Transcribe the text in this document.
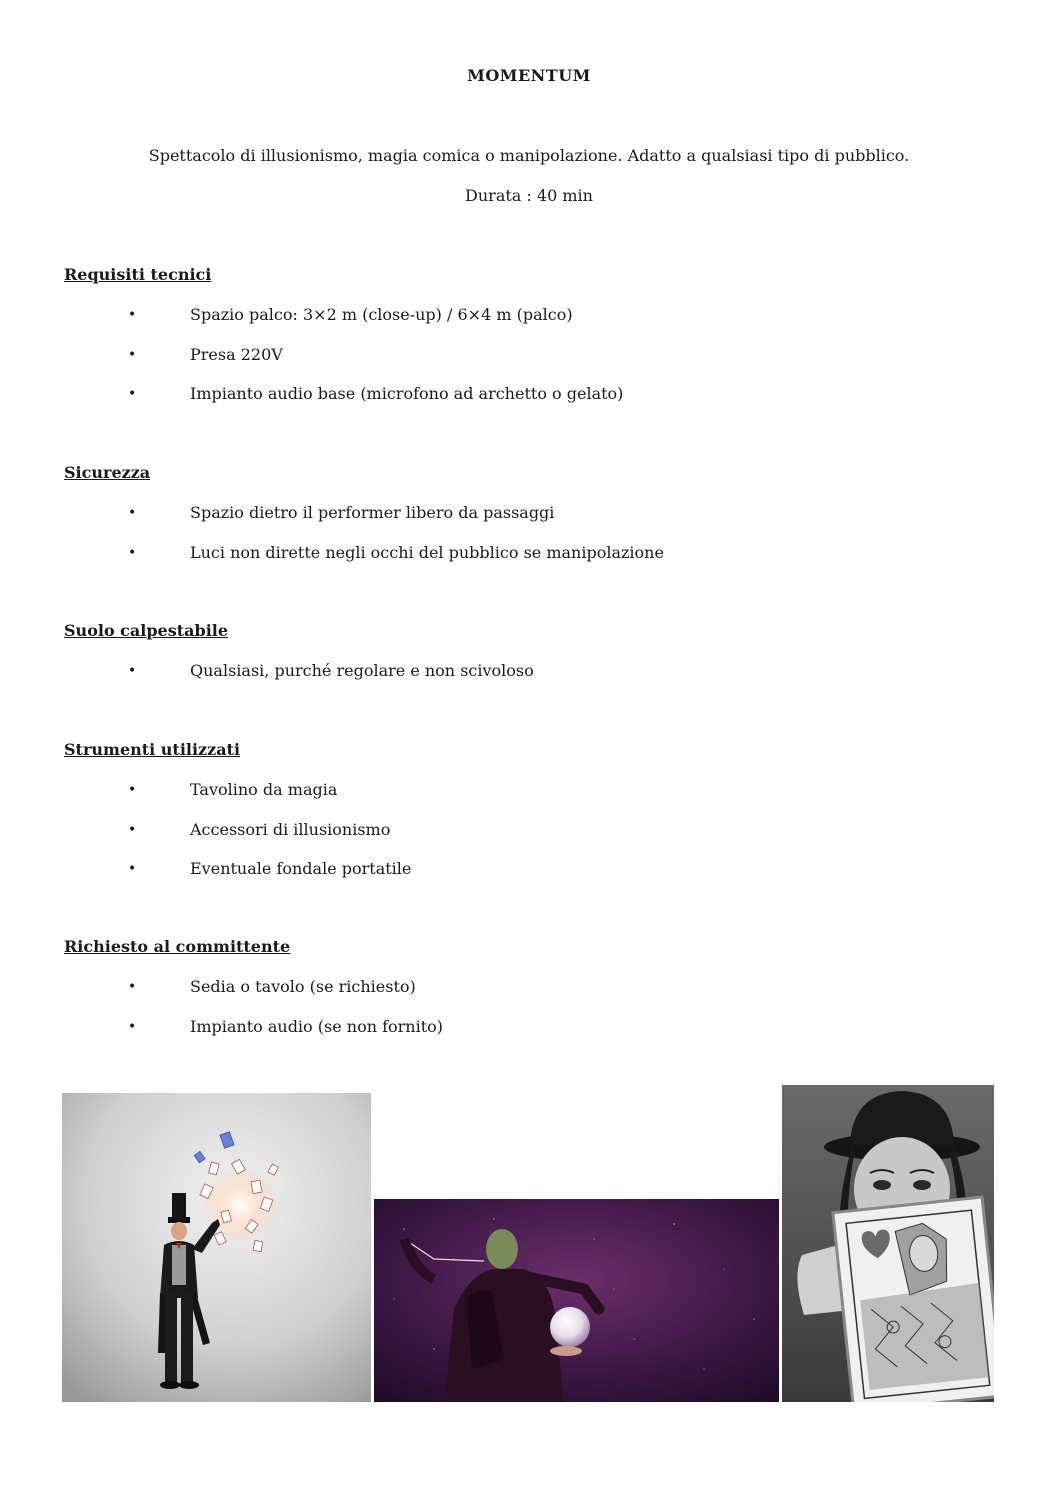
MOMENTUM
Spettacolo di illusionismo, magia comica o manipolazione. Adatto a qualsiasi tipo di pubblico.
Durata : 40 min
Requisiti tecnici
•	Spazio palco: 3×2 m (close-up) / 6×4 m (palco)
•	Presa 220V
•	Impianto audio base (microfono ad archetto o gelato)
Sicurezza
•	Spazio dietro il performer libero da passaggi
•	Luci non dirette negli occhi del pubblico se manipolazione
Suolo calpestabile
•	Qualsiasi, purché regolare e non scivoloso
Strumenti utilizzati
•	Tavolino da magia
•	Accessori di illusionismo
•	Eventuale fondale portatile
Richiesto al committente
•	Sedia o tavolo (se richiesto)
•	Impianto audio (se non fornito)
